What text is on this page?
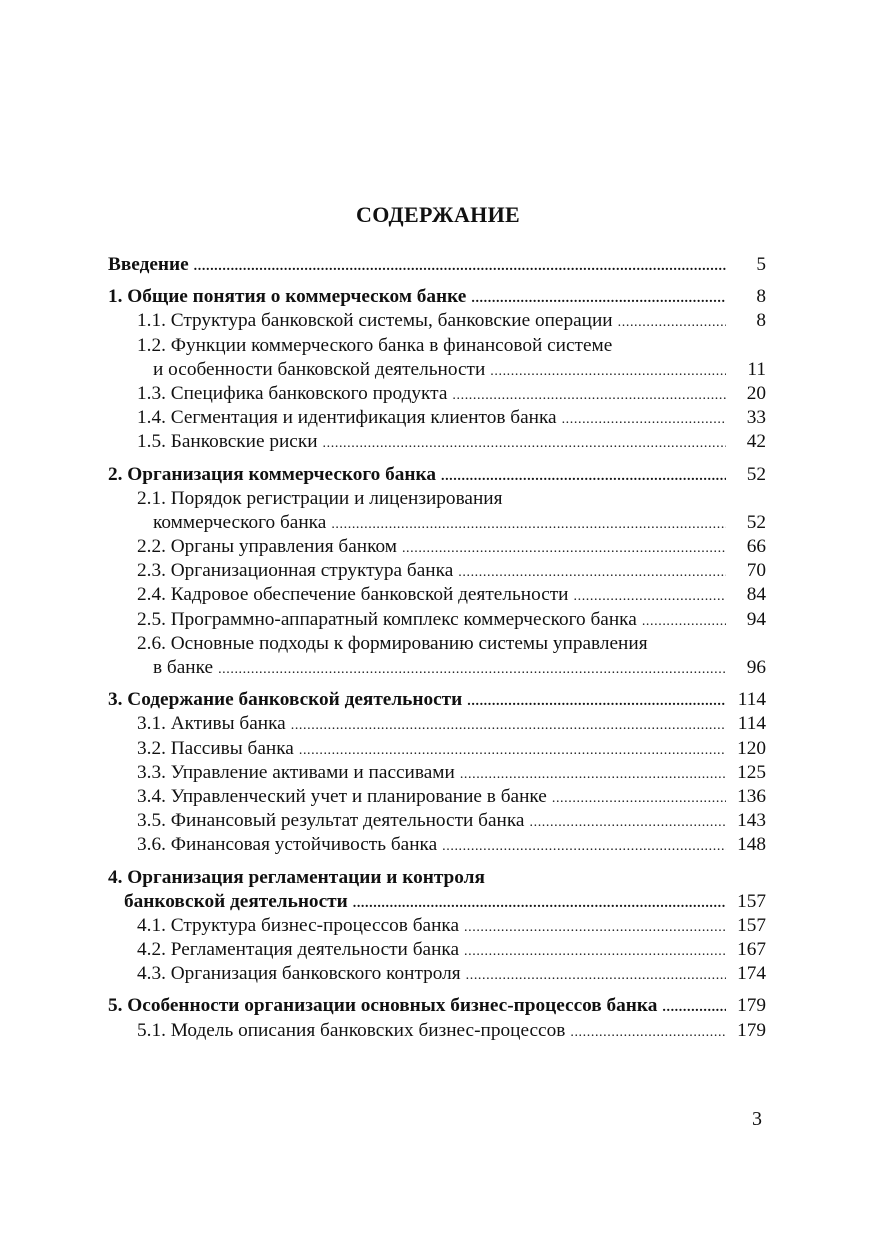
СОДЕРЖАНИЕ
Введение .....	5
1. Общие понятия о коммерческом банке .....	8
1.1. Структура банковской системы, банковские операции .....	8
1.2. Функции коммерческого банка в финансовой системе
и особенности банковской деятельности .....	11
1.3. Специфика банковского продукта .....	20
1.4. Сегментация и идентификация клиентов банка .....	33
1.5. Банковские риски .....	42
2. Организация коммерческого банка .....	52
2.1. Порядок регистрации и лицензирования
коммерческого банка .....	52
2.2. Органы управления банком .....	66
2.3. Организационная структура банка .....	70
2.4. Кадровое обеспечение банковской деятельности .....	84
2.5. Программно-аппаратный комплекс коммерческого банка .....	94
2.6. Основные подходы к формированию системы управления
в банке .....	96
3. Содержание банковской деятельности .....	114
3.1. Активы банка .....	114
3.2. Пассивы банка .....	120
3.3. Управление активами и пассивами .....	125
3.4. Управленческий учет и планирование в банке .....	136
3.5. Финансовый результат деятельности банка .....	143
3.6. Финансовая устойчивость банка .....	148
4. Организация регламентации и контроля
банковской деятельности .....	157
4.1. Структура бизнес-процессов банка .....	157
4.2. Регламентация деятельности банка .....	167
4.3. Организация банковского контроля .....	174
5. Особенности организации основных бизнес-процессов банка .....	179
5.1. Модель описания банковских бизнес-процессов .....	179
3
